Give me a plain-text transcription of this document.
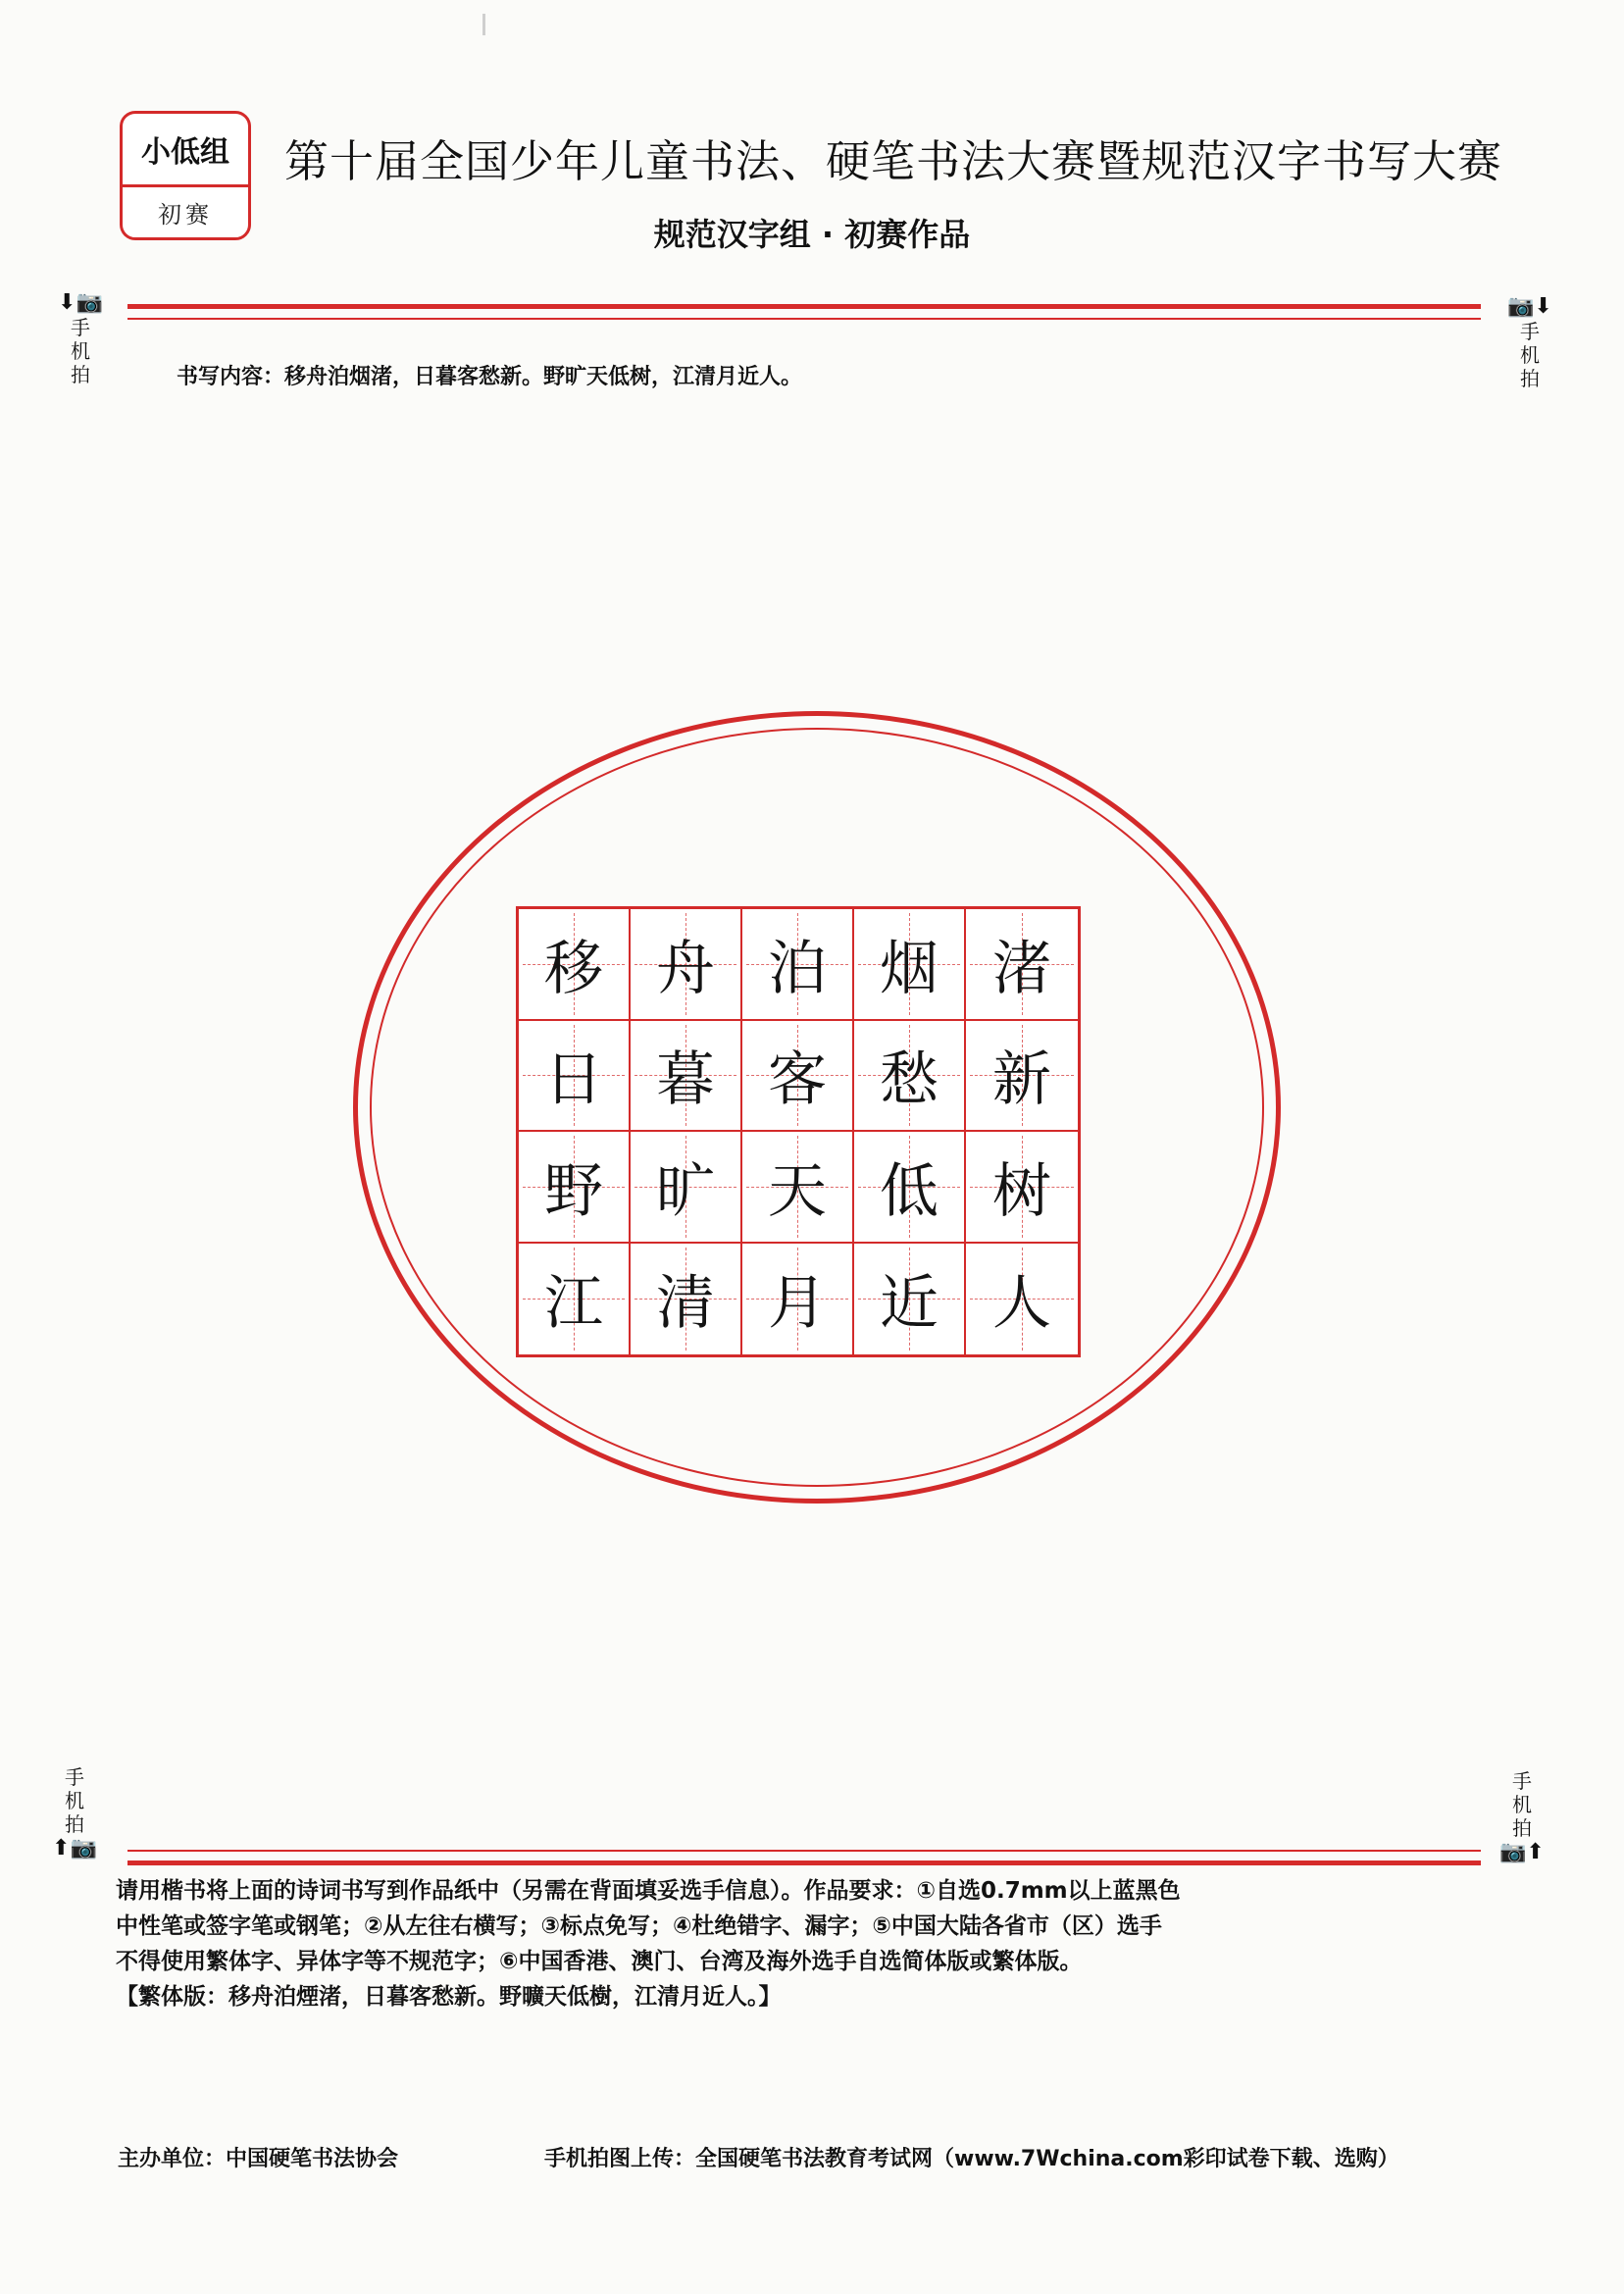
小低组
初赛
第十届全国少年儿童书法、硬笔书法大赛暨规范汉字书写大赛
规范汉字组 · 初赛作品
⬇📷
手
机
拍
📷⬇
手
机
拍
书写内容：移舟泊烟渚，日暮客愁新。野旷天低树，江清月近人。
移 舟 泊 烟 渚
日 暮 客 愁 新
野 旷 天 低 树
江 清 月 近 人
手
机
拍
⬆📷
手
机
拍
📷⬆

请用楷书将上面的诗词书写到作品纸中（另需在背面填妥选手信息）。作品要求：①自选0.7mm以上蓝黑色

中性笔或签字笔或钢笔；②从左往右横写；③标点免写；④杜绝错字、漏字；⑤中国大陆各省市（区）选手

不得使用繁体字、异体字等不规范字；⑥中国香港、澳门、台湾及海外选手自选简体版或繁体版。

【繁体版：移舟泊煙渚，日暮客愁新。野曠天低樹，江清月近人。】

主办单位：中国硬笔书法协会	手机拍图上传：全国硬笔书法教育考试网（www.7Wchina.com彩印试卷下载、选购）
